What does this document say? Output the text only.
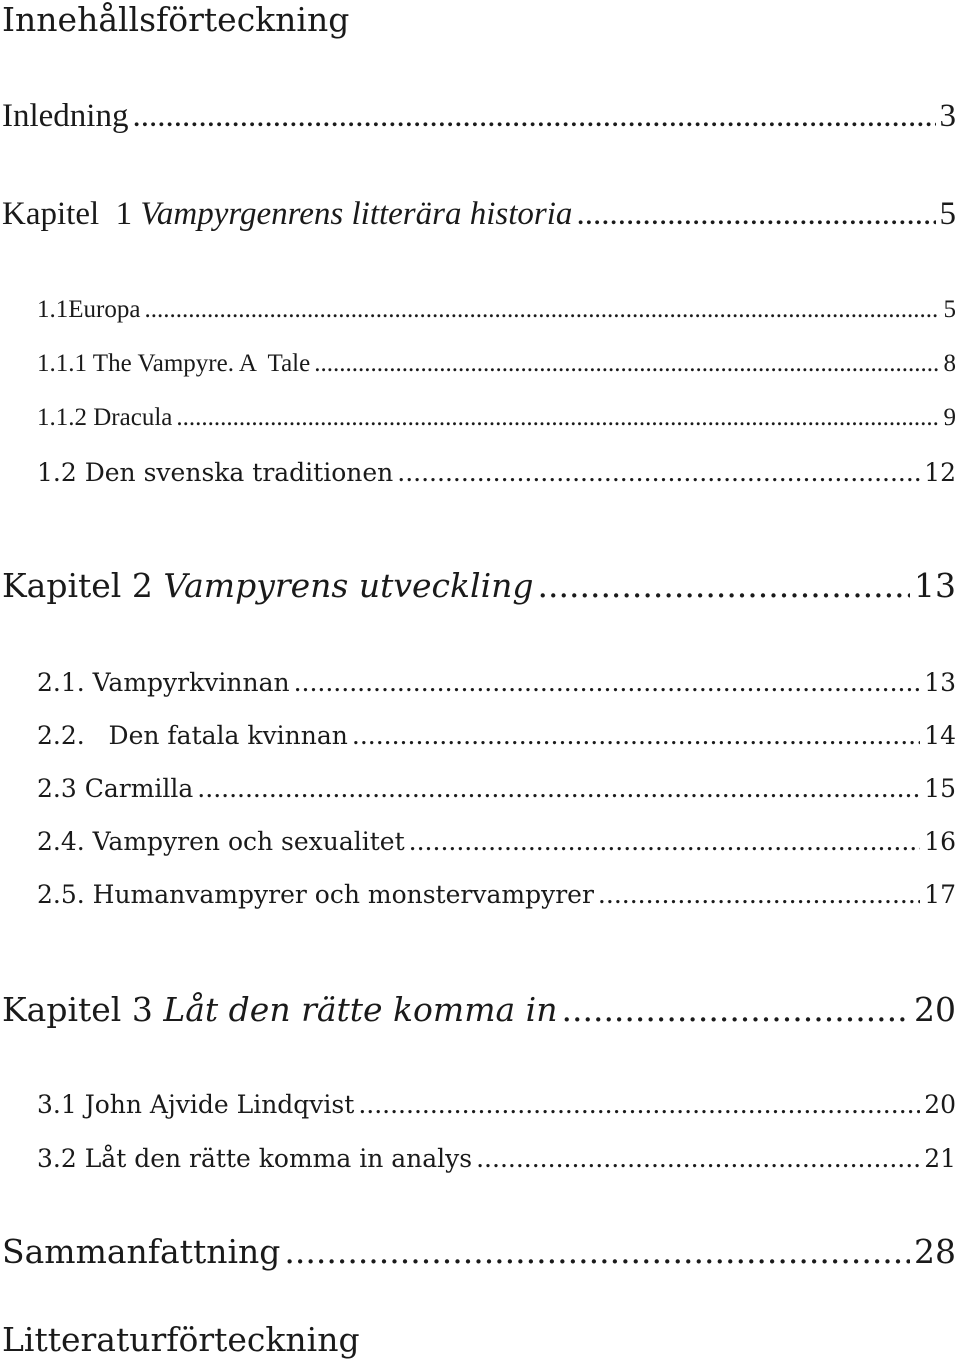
Innehållsförteckning
Inledning .....	3
Kapitel  1 Vampyrgenrens litterära historia .....	5
1.1Europa .....	5
1.1.1 The Vampyre. A  Tale .....	8
1.1.2 Dracula .....	9
1.2 Den svenska traditionen .....	12
Kapitel 2 Vampyrens utveckling .....	13
2.1. Vampyrkvinnan .....	13
2.2.   Den fatala kvinnan .....	14
2.3 Carmilla .....	15
2.4. Vampyren och sexualitet .....	16
2.5. Humanvampyrer och monstervampyrer .....	17
Kapitel 3 Låt den rätte komma in .....	20
3.1 John Ajvide Lindqvist .....	20
3.2 Låt den rätte komma in analys .....	21
Sammanfattning .....	28
Litteraturförteckning
